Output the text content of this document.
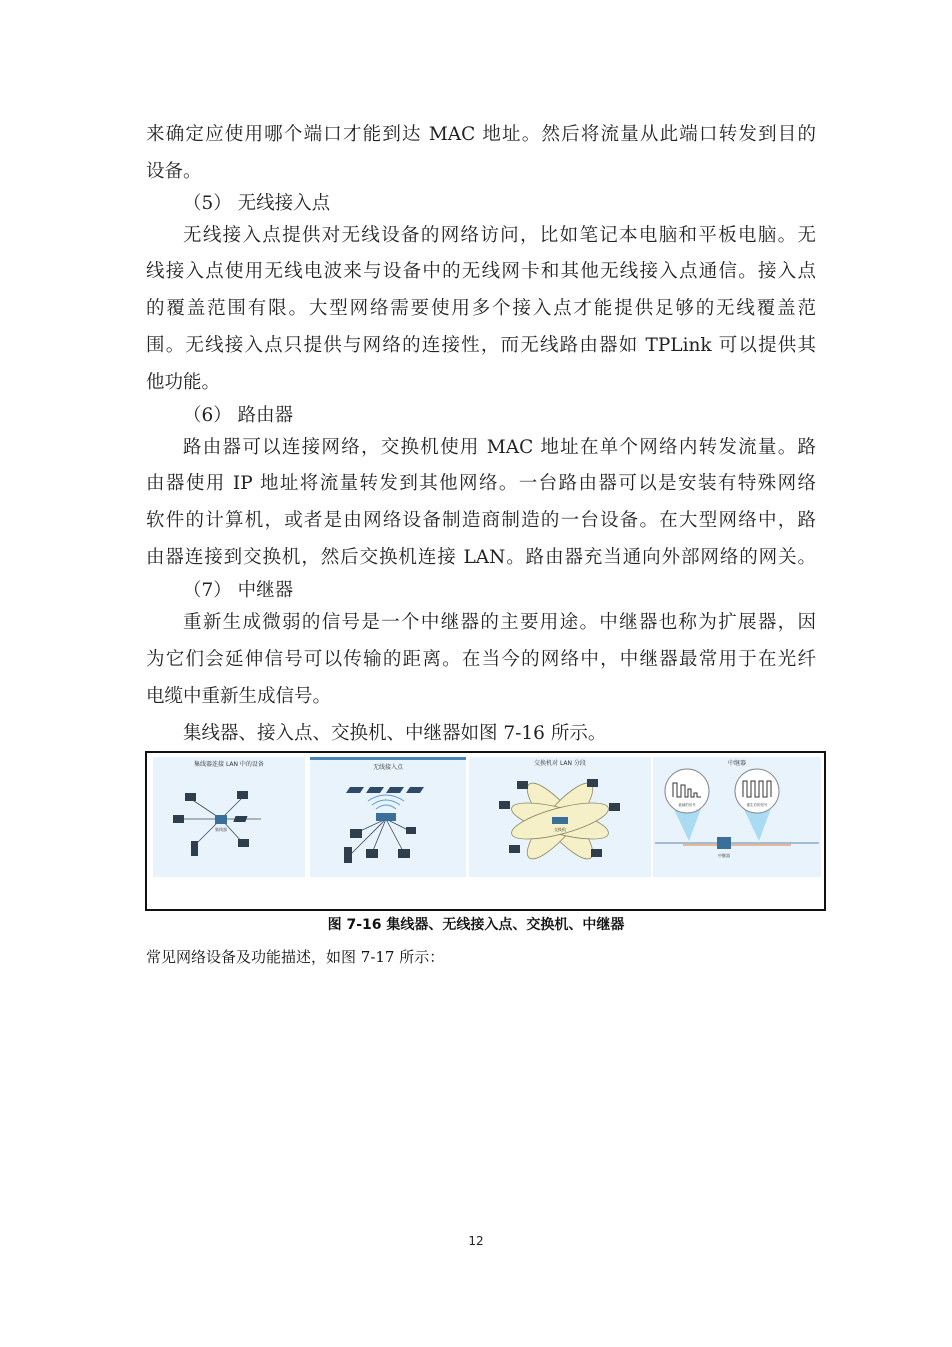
来确定应使用哪个端口才能到达 MAC 地址。然后将流量从此端口转发到目的
设备。
（5） 无线接入点
无线接入点提供对无线设备的网络访问，比如笔记本电脑和平板电脑。无
线接入点使用无线电波来与设备中的无线网卡和其他无线接入点通信。接入点
的覆盖范围有限。大型网络需要使用多个接入点才能提供足够的无线覆盖范
围。无线接入点只提供与网络的连接性，而无线路由器如 TPLink 可以提供其
他功能。
（6） 路由器
路由器可以连接网络，交换机使用 MAC 地址在单个网络内转发流量。路
由器使用 IP 地址将流量转发到其他网络。一台路由器可以是安装有特殊网络
软件的计算机，或者是由网络设备制造商制造的一台设备。在大型网络中，路
由器连接到交换机，然后交换机连接 LAN。路由器充当通向外部网络的网关。
（7） 中继器
重新生成微弱的信号是一个中继器的主要用途。中继器也称为扩展器，因
为它们会延伸信号可以传输的距离。在当今的网络中，中继器最常用于在光纤
电缆中重新生成信号。
集线器、接入点、交换机、中继器如图 7-16 所示。
集线器连接 LAN 中的设备
集线器
无线接入点
交换机对 LAN 分段
交换机
中继器
衰减的信号	重生后的信号
中继器
图 7-16 集线器、无线接入点、交换机、中继器
常见网络设备及功能描述，如图 7-17 所示：
12
